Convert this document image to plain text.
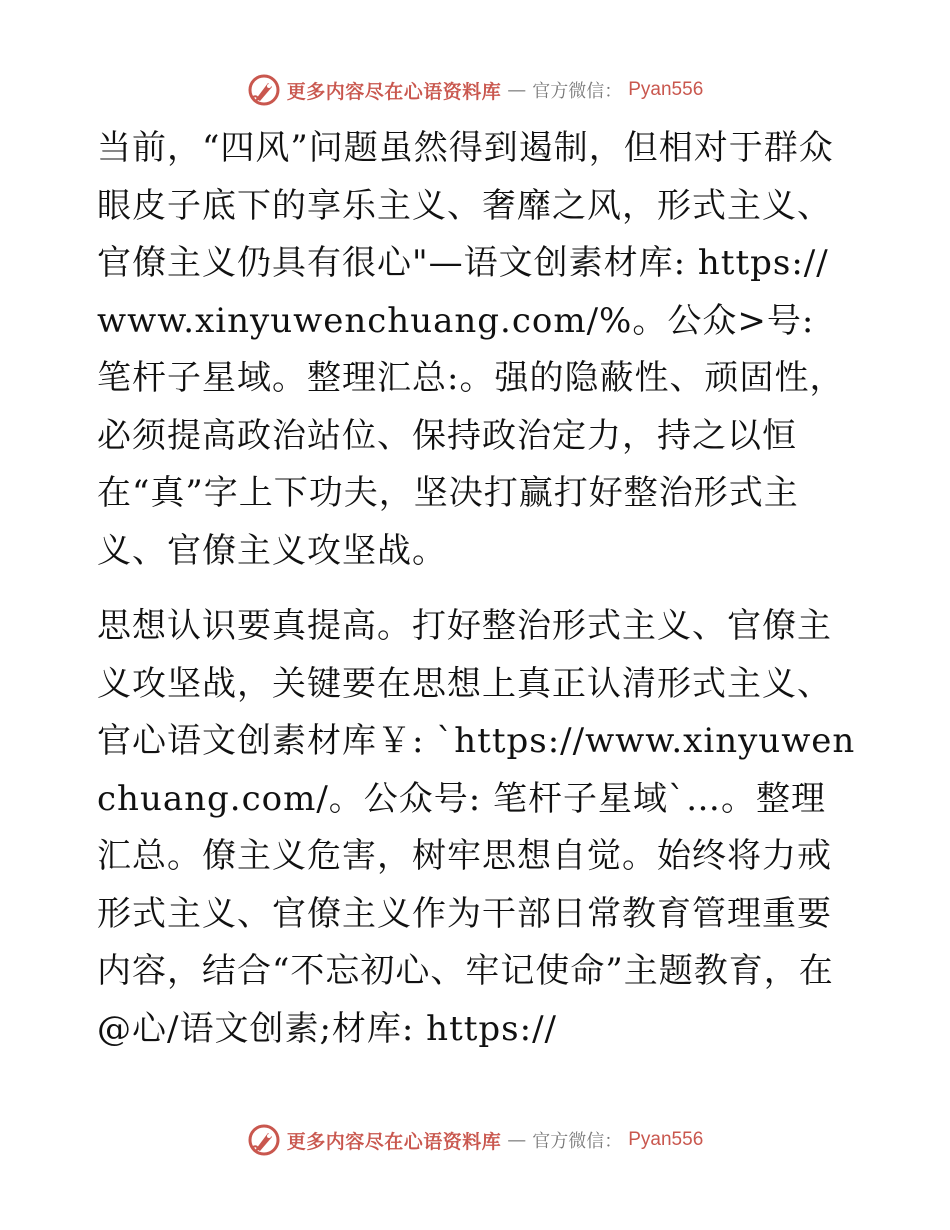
更多内容尽在心语资料库 — 官方微信： Pyan556

当前，“四风”问题虽然得到遏制，但相对于群众眼皮子底下的享乐主义、奢靡之风，形式主义、官僚主义仍具有很心"—语文创素材库: https://www.xinyuwenchuang.com/%。公众>号: 笔杆子星域。整理汇总:。强的隐蔽性、顽固性，必须提高政治站位、保持政治定力，持之以恒在“真”字上下功夫，坚决打赢打好整治形式主义、官僚主义攻坚战。

思想认识要真提高。打好整治形式主义、官僚主义攻坚战，关键要在思想上真正认清形式主义、官心语文创素材库￥: `https://www.xinyuwenchuang.com/。公众号: 笔杆子星域`…。整理汇总。僚主义危害，树牢思想自觉。始终将力戒形式主义、官僚主义作为干部日常教育管理重要内容，结合“不忘初心、牢记使命”主题教育，在@心/语文创素;材库: https://

更多内容尽在心语资料库 — 官方微信： Pyan556
